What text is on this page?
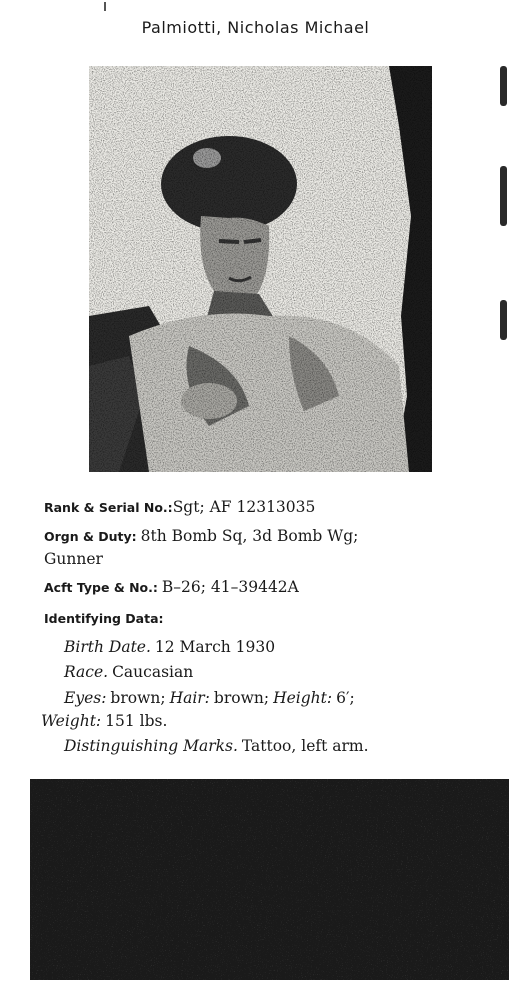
Palmiotti, Nicholas Michael
Rank & Serial No.:Sgt; AF 12313035
Orgn & Duty: 8th Bomb Sq, 3d Bomb Wg;
Gunner
Acft Type & No.: B–26; 41–39442A
Identifying Data:
Birth Date. 12 March 1930
Race. Caucasian
Eyes: brown; Hair: brown; Height: 6′;
Weight: 151 lbs.
Distinguishing Marks. Tattoo, left arm.
